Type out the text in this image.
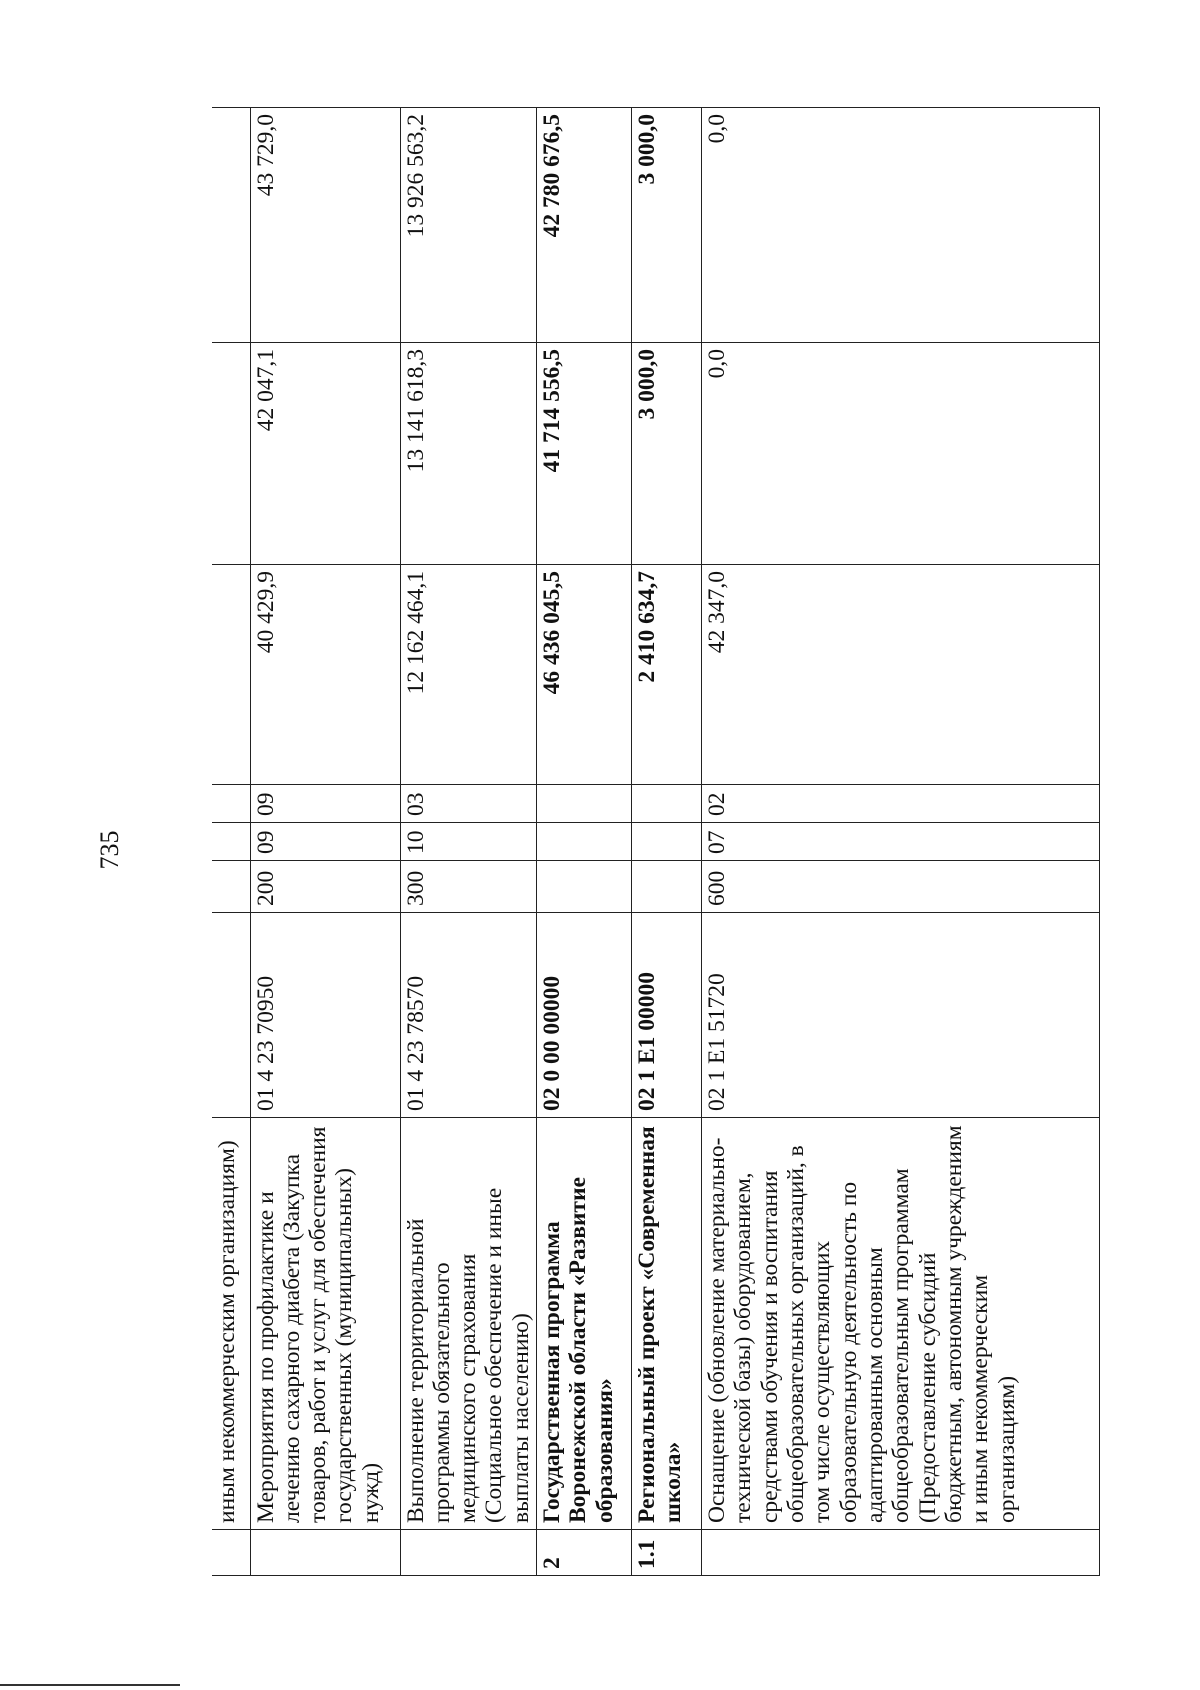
735
	иным некоммерческим организациям)							
	Мероприятия по профилактике и лечению сахарного диабета (Закупка товаров, работ и услуг для обеспечения государственных (муниципальных) нужд)	01 4 23 70950	200	09	09	40 429,9	42 047,1	43 729,0
	Выполнение территориальной программы обязательного медицинского страхования (Социальное обеспечение и иные выплаты населению)	01 4 23 78570	300	10	03	12 162 464,1	13 141 618,3	13 926 563,2
2	Государственная программа Воронежской области «Развитие образования»	02 0 00 00000				46 436 045,5	41 714 556,5	42 780 676,5
1.1	Региональный проект «Современная школа»	02 1 E1 00000				2 410 634,7	3 000,0	3 000,0
	Оснащение (обновление материально-технической базы) оборудованием, средствами обучения и воспитания общеобразовательных организаций, в том числе осуществляющих образовательную деятельность по адаптированным основным общеобразовательным программам (Предоставление субсидий бюджетным, автономным учреждениям и иным некоммерческим организациям)	02 1 E1 51720	600	07	02	42 347,0	0,0	0,0
